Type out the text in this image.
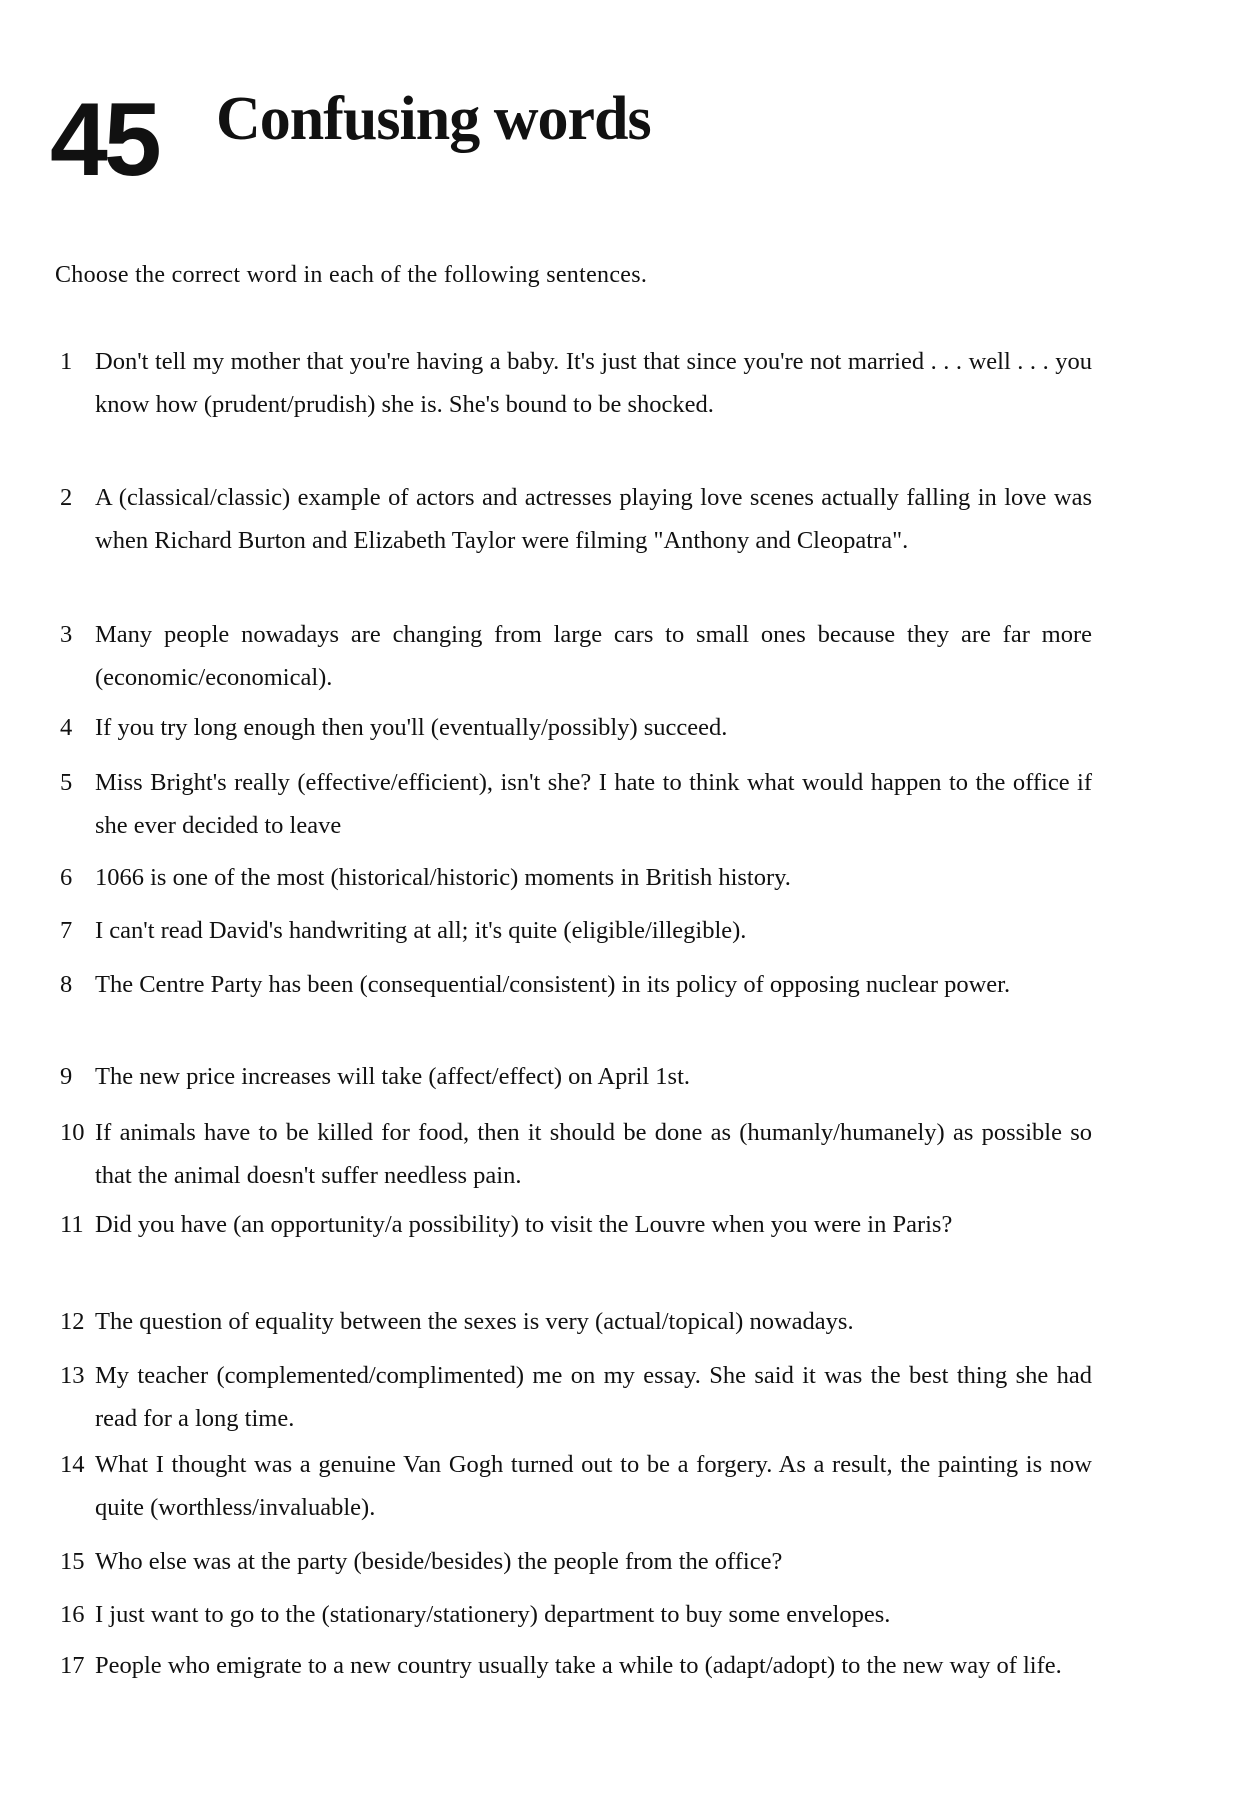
45 Confusing words
Choose the correct word in each of the following sentences.
1 Don't tell my mother that you're having a baby. It's just that since you're not married . . . well . . . you know how (prudent/prudish) she is. She's bound to be shocked.
2 A (classical/classic) example of actors and actresses playing love scenes actually falling in love was when Richard Burton and Elizabeth Taylor were filming "Anthony and Cleopatra".
3 Many people nowadays are changing from large cars to small ones because they are far more (economic/economical).
4 If you try long enough then you'll (eventually/possibly) succeed.
5 Miss Bright's really (effective/efficient), isn't she? I hate to think what would happen to the office if she ever decided to leave
6 1066 is one of the most (historical/historic) moments in British history.
7 I can't read David's handwriting at all; it's quite (eligible/illegible).
8 The Centre Party has been (consequential/consistent) in its policy of opposing nuclear power.
9 The new price increases will take (affect/effect) on April 1st.
10 If animals have to be killed for food, then it should be done as (humanly/humanely) as possible so that the animal doesn't suffer needless pain.
11 Did you have (an opportunity/a possibility) to visit the Louvre when you were in Paris?
12 The question of equality between the sexes is very (actual/topical) nowadays.
13 My teacher (complemented/complimented) me on my essay. She said it was the best thing she had read for a long time.
14 What I thought was a genuine Van Gogh turned out to be a forgery. As a result, the painting is now quite (worthless/invaluable).
15 Who else was at the party (beside/besides) the people from the office?
16 I just want to go to the (stationary/stationery) department to buy some envelopes.
17 People who emigrate to a new country usually take a while to (adapt/adopt) to the new way of life.
